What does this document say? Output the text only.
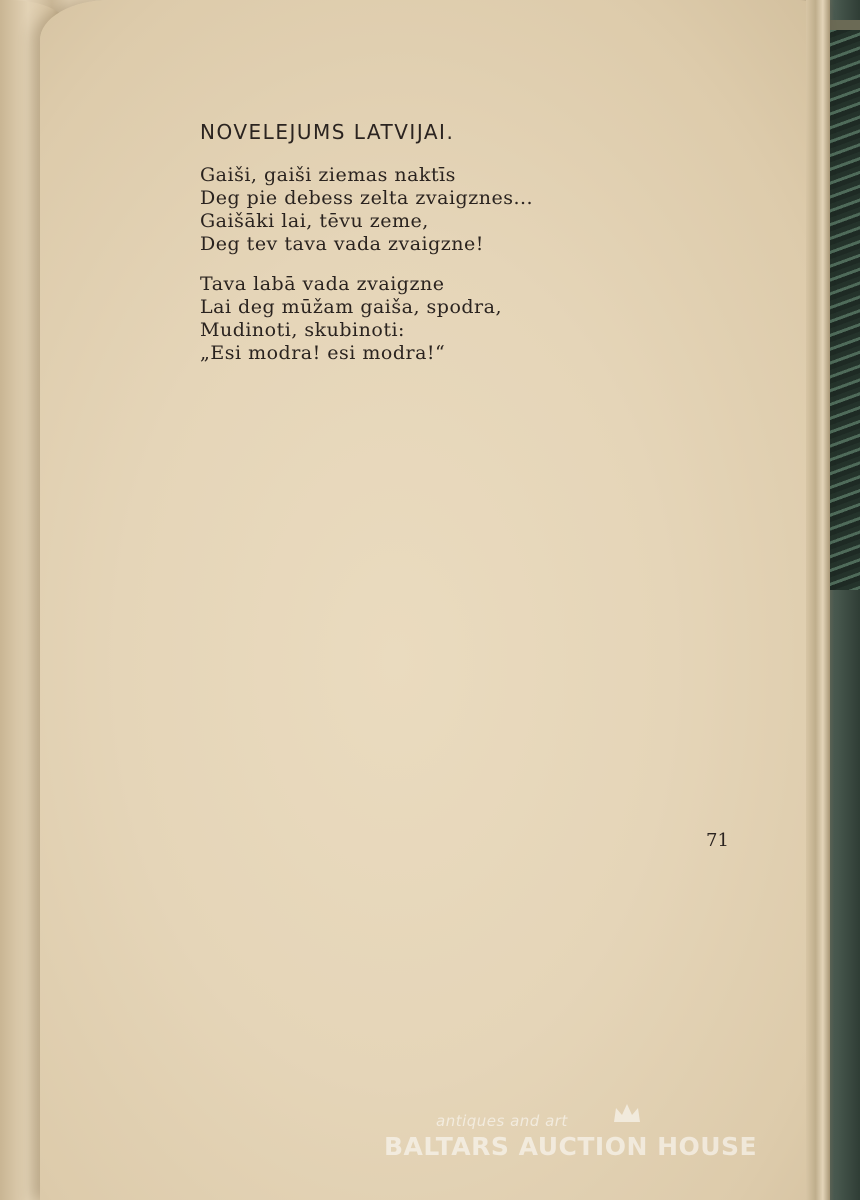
NOVELEJUMS LATVIJAI.
Gaiši, gaiši ziemas naktīs
Deg pie debess zelta zvaigznes...
Gaišāki lai, tēvu zeme,
Deg tev tava vada zvaigzne!
Tava labā vada zvaigzne
Lai deg mūžam gaiša, spodra,
Mudinoti, skubinoti:
„Esi modra! esi modra!“
71
antiques and art
BALTARS AUCTION HOUSE
